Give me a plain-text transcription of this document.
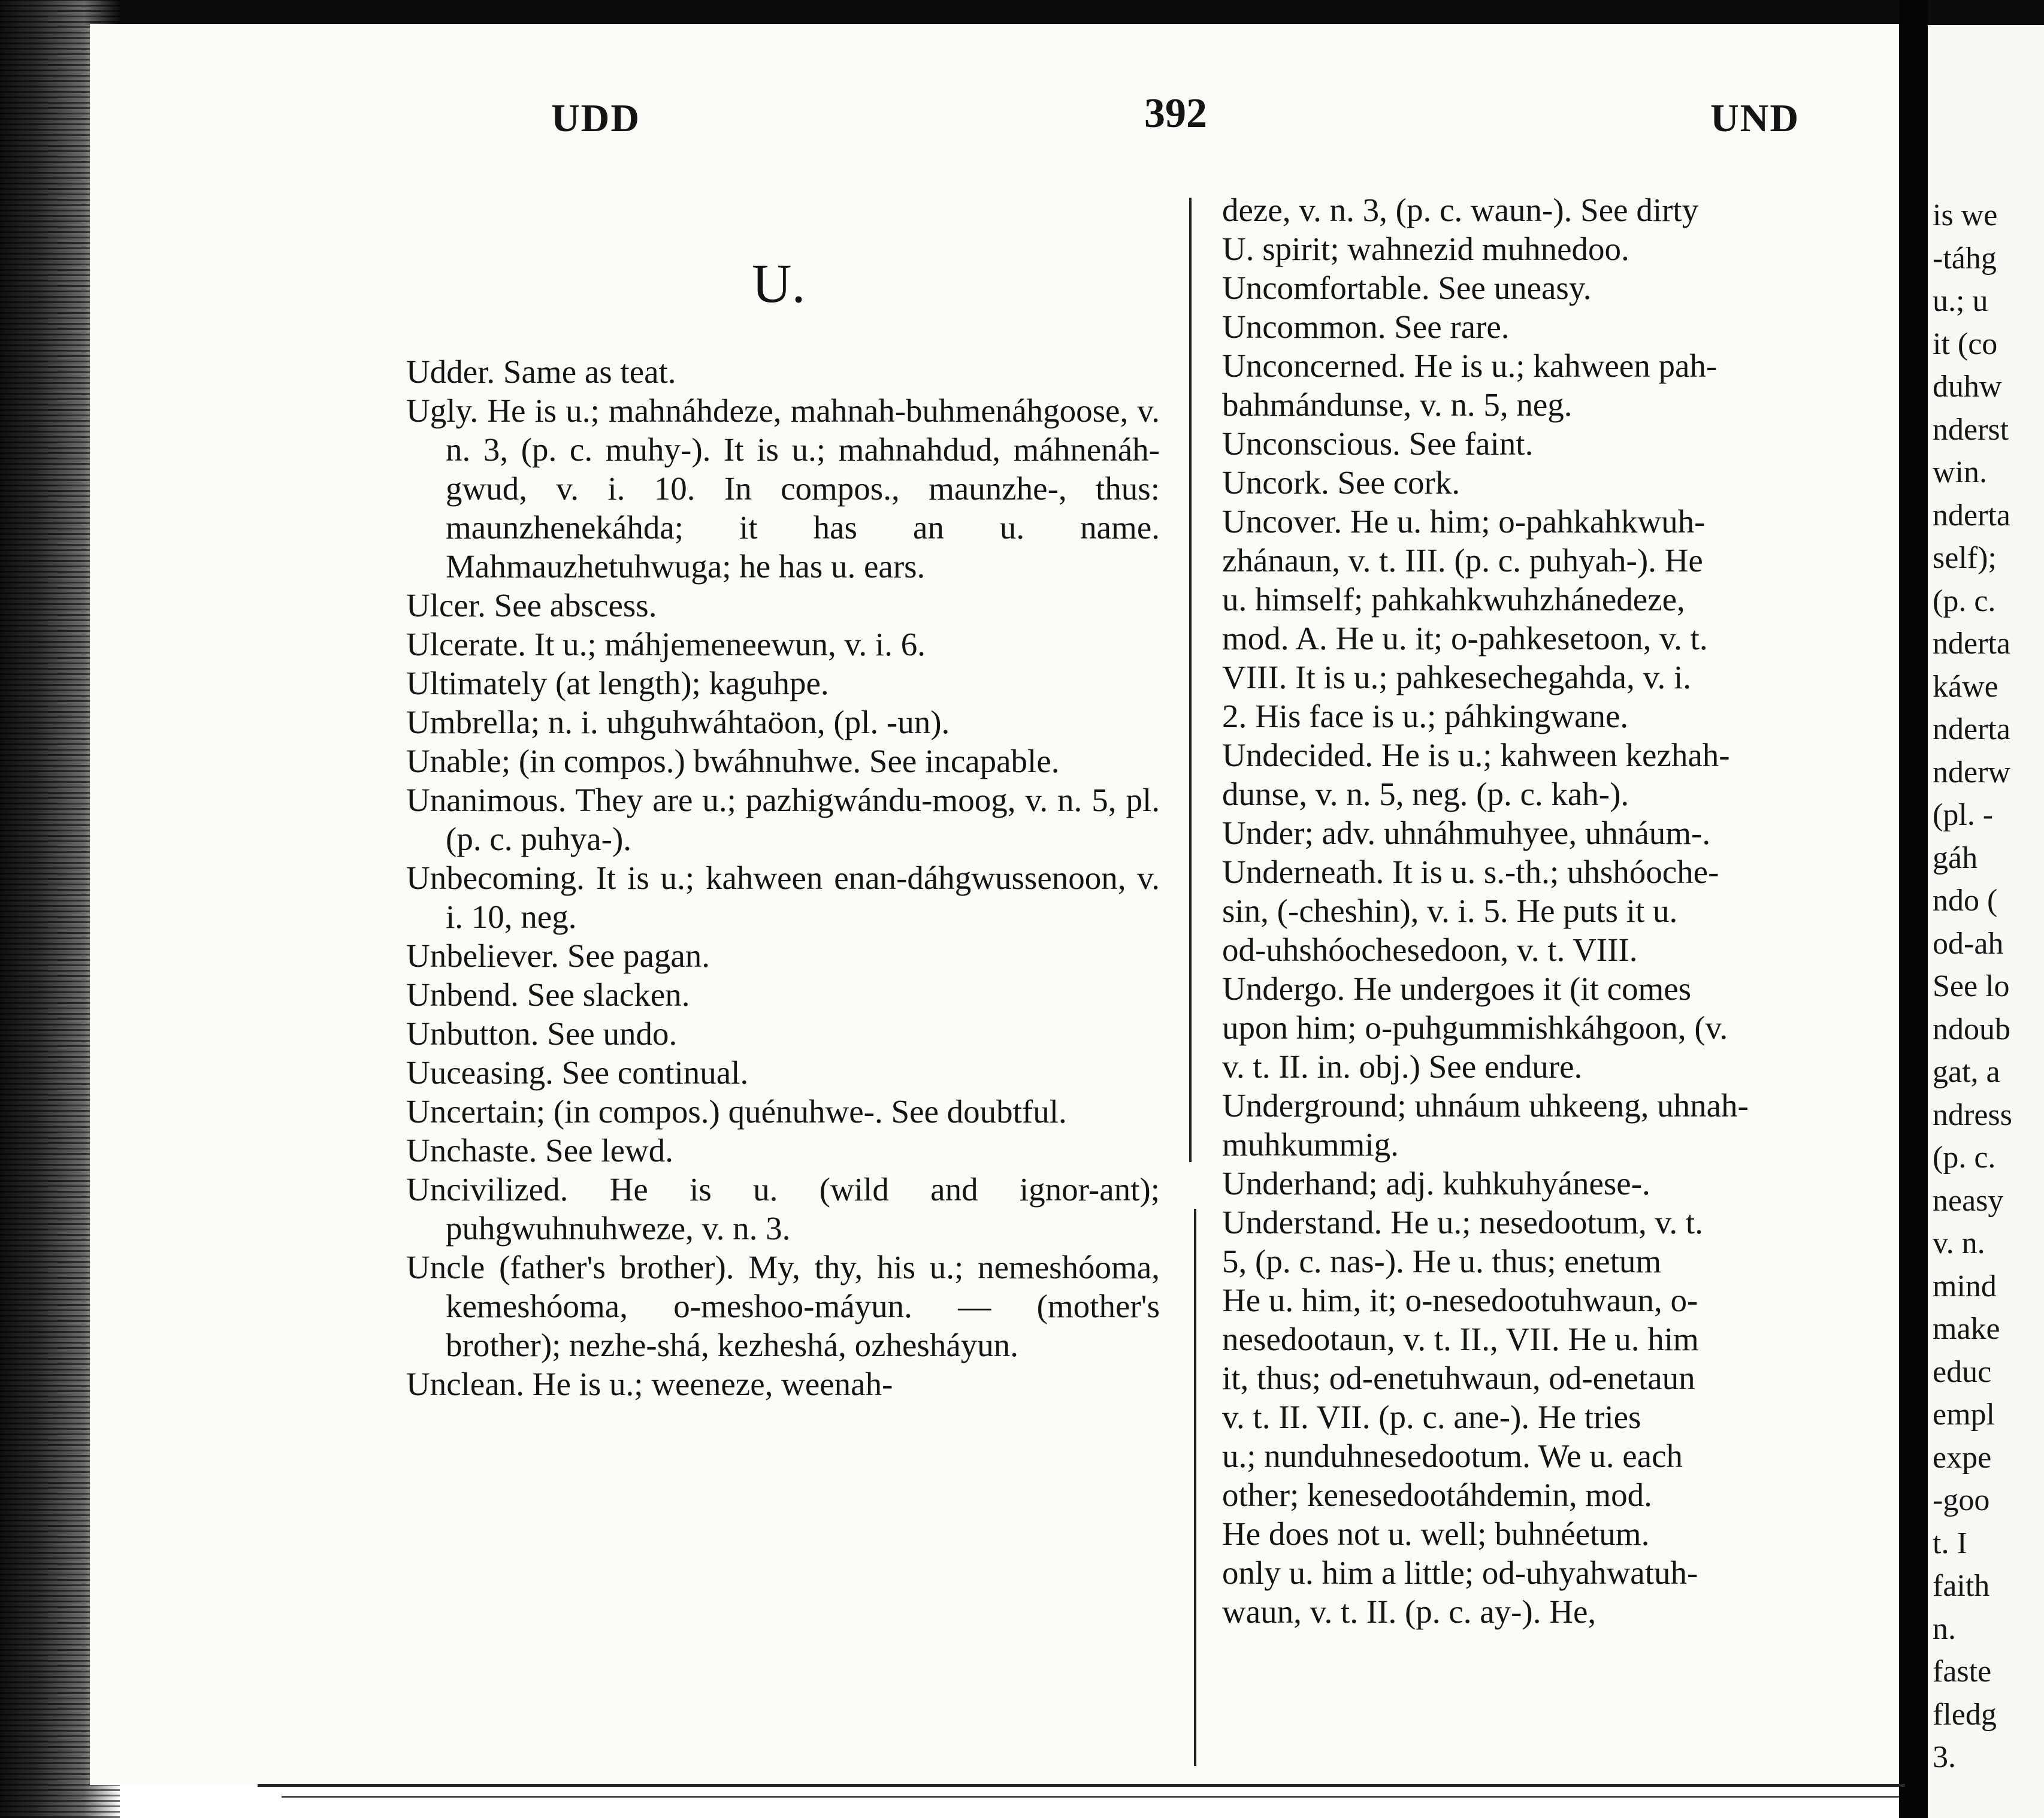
is we
-táhg
u.; u
it (co
duhw
nderst
win.
nderta
self);
(p. c.
nderta
káwe
nderta
nderw
(pl. -
gáh
ndo (
od-ah
See lo
ndoub
gat, a
ndress
(p. c.
neasy
v. n.
mind
make
educ
empl
expe
-goo
t. I
faith
n.
faste
fledg
3.
UDD	392	UND
U.

Udder. Same as teat.

Ugly. He is u.; mahnáhdeze, mahnah-buhmenáhgoose, v. n. 3, (p. c. muhy-). It is u.; mahnahdud, máhnenáh-gwud, v. i. 10. In compos., maunzhe-, thus: maunzhenekáhda; it has an u. name. Mahmauzhetuhwuga; he has u. ears.

Ulcer. See abscess.

Ulcerate. It u.; máhjemeneewun, v. i. 6.

Ultimately (at length); kaguhpe.

Umbrella; n. i. uhguhwáhtaöon, (pl. -un).

Unable; (in compos.) bwáhnuhwe. See incapable.

Unanimous. They are u.; pazhigwándu-moog, v. n. 5, pl. (p. c. puhya-).

Unbecoming. It is u.; kahween enan-dáhgwussenoon, v. i. 10, neg.

Unbeliever. See pagan.

Unbend. See slacken.

Unbutton. See undo.

Uuceasing. See continual.

Uncertain; (in compos.) quénuhwe-. See doubtful.

Unchaste. See lewd.

Uncivilized. He is u. (wild and ignor-ant); puhgwuhnuhweze, v. n. 3.

Uncle (father's brother). My, thy, his u.; nemeshóoma, kemeshóoma, o-meshoo-máyun. — (mother's brother); nezhe-shá, kezheshá, ozhesháyun.

Unclean. He is u.; weeneze, weenah-

deze, v. n. 3, (p. c. waun-). See dirty

U. spirit; wahnezid muhnedoo.

Uncomfortable. See uneasy.

Uncommon. See rare.

Unconcerned. He is u.; kahween pah-

bahmándunse, v. n. 5, neg.

Unconscious. See faint.

Uncork. See cork.

Uncover. He u. him; o-pahkahkwuh-

zhánaun, v. t. III. (p. c. puhyah-). He

u. himself; pahkahkwuhzhánedeze,

mod. A. He u. it; o-pahkesetoon, v. t.

VIII. It is u.; pahkesechegahda, v. i.

2. His face is u.; páhkingwane.

Undecided. He is u.; kahween kezhah-

dunse, v. n. 5, neg. (p. c. kah-).

Under; adv. uhnáhmuhyee, uhnáum-.

Underneath. It is u. s.-th.; uhshóoche-

sin, (-cheshin), v. i. 5. He puts it u.

od-uhshóochesedoon, v. t. VIII.

Undergo. He undergoes it (it comes

upon him; o-puhgummishkáhgoon, (v.

v. t. II. in. obj.) See endure.

Underground; uhnáum uhkeeng, uhnah-

muhkummig.

Underhand; adj. kuhkuhyánese-.

Understand. He u.; nesedootum, v. t.

5, (p. c. nas-). He u. thus; enetum

He u. him, it; o-nesedootuhwaun, o-

nesedootaun, v. t. II., VII. He u. him

it, thus; od-enetuhwaun, od-enetaun

v. t. II. VII. (p. c. ane-). He tries

u.; nunduhnesedootum. We u. each

other; kenesedootáhdemin, mod.

He does not u. well; buhnéetum.

only u. him a little; od-uhyahwatuh-

waun, v. t. II. (p. c. ay-). He,
